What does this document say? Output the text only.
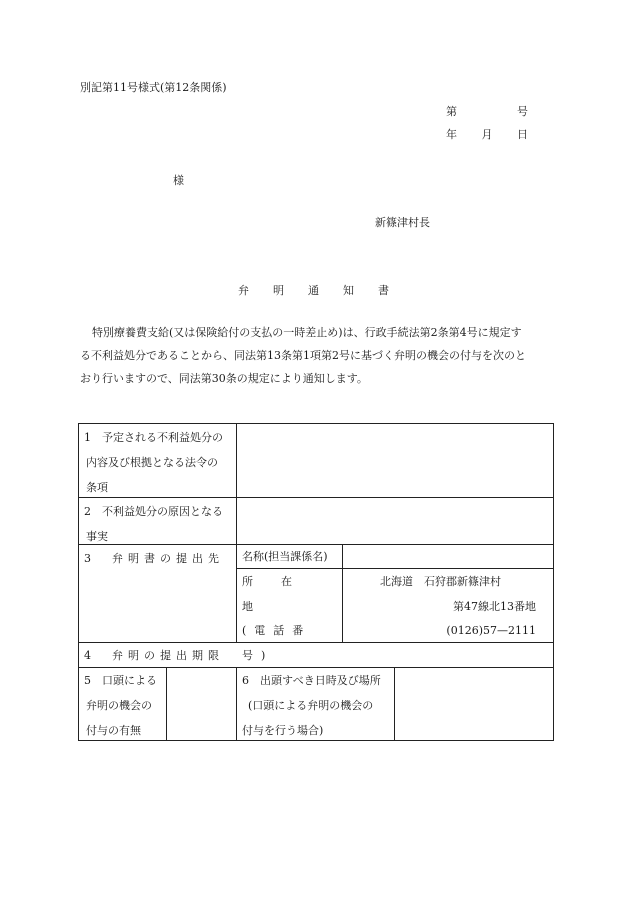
別記第11号様式(第12条関係)
第	号
年 月 日
様
新篠津村長
弁明通知書
特別療養費支給(又は保険給付の支払の一時差止め)は、行政手続法第2条第4号に規定す
る不利益処分であることから、同法第13条第1項第2号に基づく弁明の機会の付与を次のと
おり行いますので、同法第30条の規定により通知します。
1　予定される不利益処分の
内容及び根拠となる法令の
条項
2　不利益処分の原因となる
事実
3　弁明書の提出先	名称(担当課係名)
所在地
(電話番号)
北海道　石狩郡新篠津村
第47線北13番地
(0126)57—2111
4　弁明の提出期限
5　口頭による
弁明の機会の
付与の有無
6　出頭すべき日時及び場所
(口頭による弁明の機会の
付与を行う場合)
